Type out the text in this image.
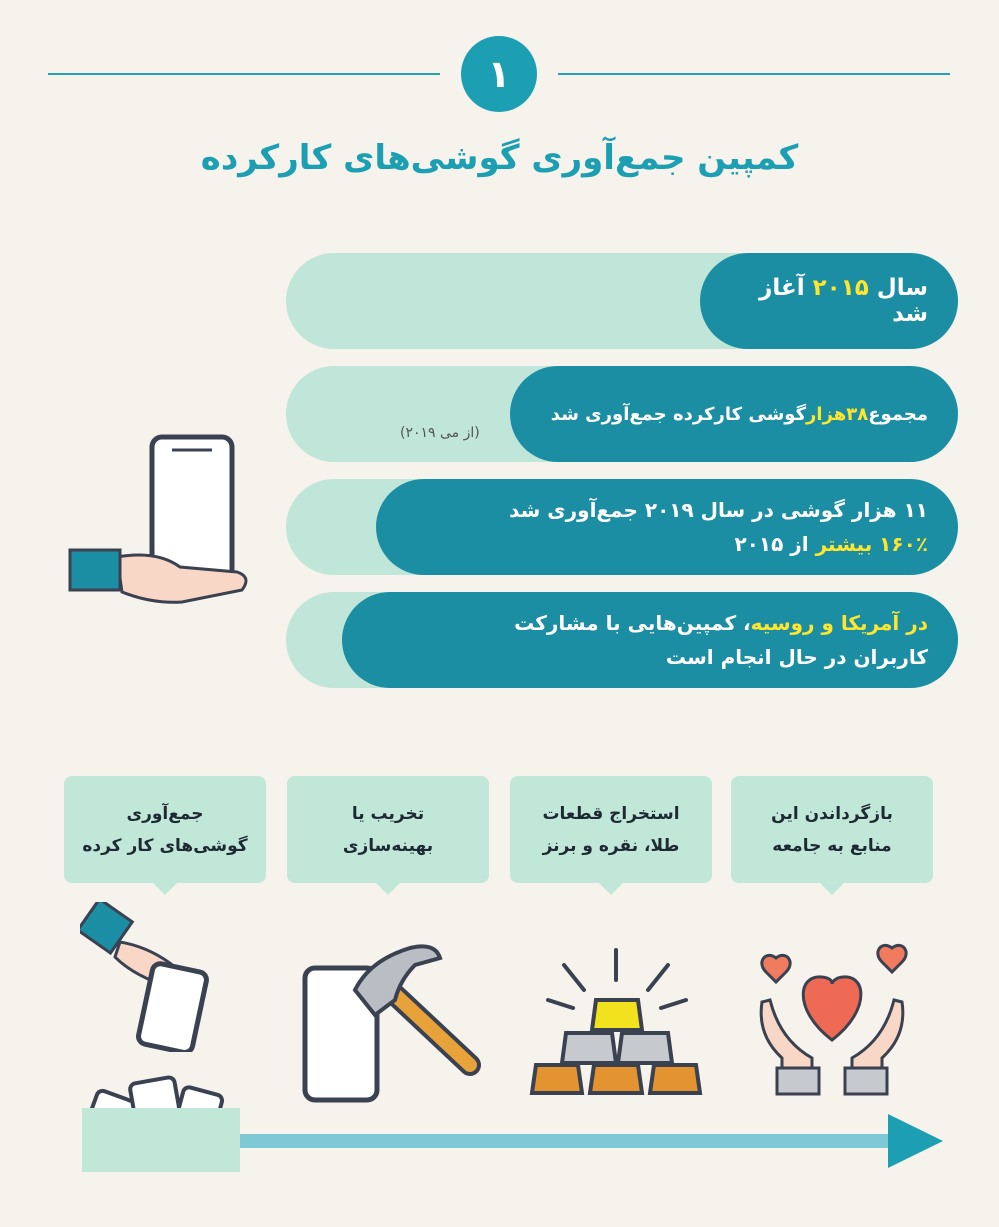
۱
کمپین جمع‌آوری گوشی‌های کارکرده
سال ۲۰۱۵ آغاز شد
مجموع۳۸هزارگوشی کارکرده جمع‌آوری شد
(از می ۲۰۱۹)
۱۱ هزار گوشی در سال ۲۰۱۹ جمع‌آوری شد
۱۶۰٪ بیشتر از ۲۰۱۵
در آمریکا و روسیه، کمپین‌هایی با مشارکت
کاربران در حال انجام است
جمع‌آوری
گوشی‌های کار کرده
تخریب یا
بهینه‌سازی
استخراج قطعات
طلا، نقره و برنز
بازگرداندن این
منابع به جامعه
